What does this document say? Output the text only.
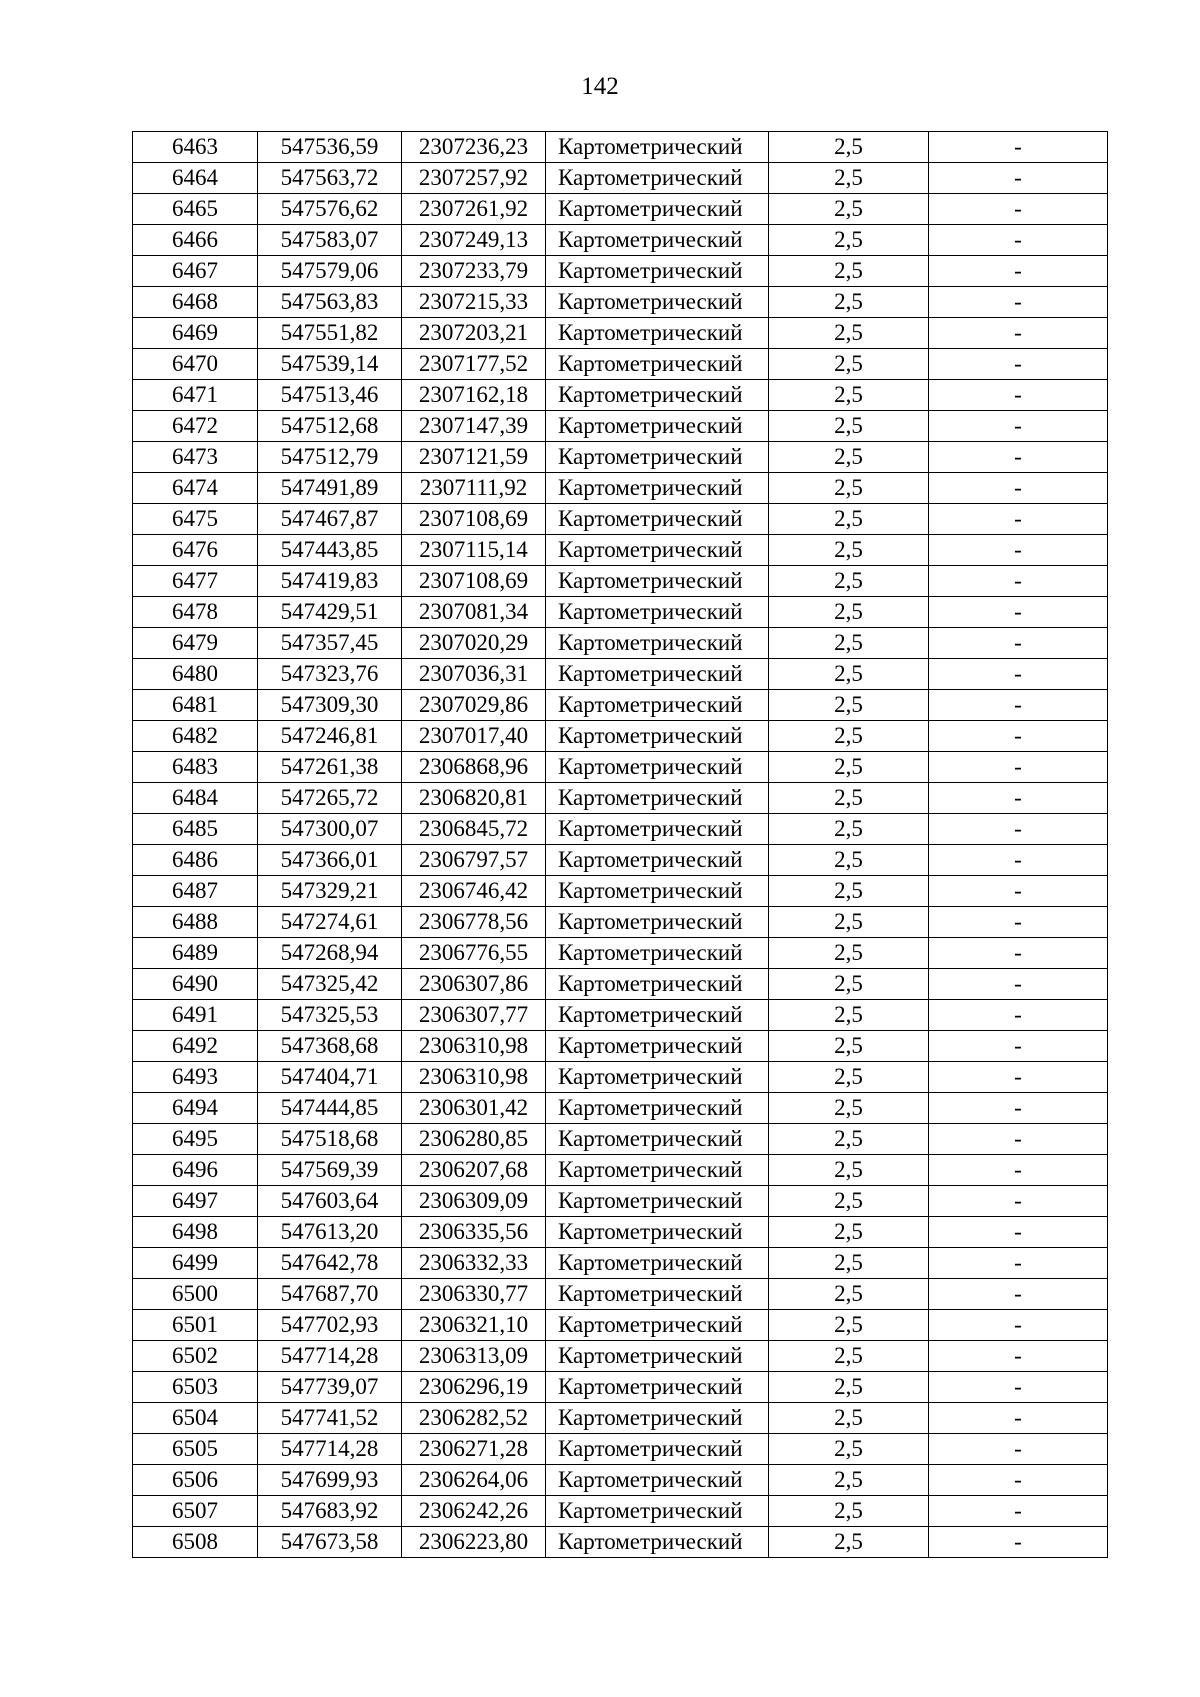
142
6463	547536,59	2307236,23	Картометрический	2,5	-
6464	547563,72	2307257,92	Картометрический	2,5	-
6465	547576,62	2307261,92	Картометрический	2,5	-
6466	547583,07	2307249,13	Картометрический	2,5	-
6467	547579,06	2307233,79	Картометрический	2,5	-
6468	547563,83	2307215,33	Картометрический	2,5	-
6469	547551,82	2307203,21	Картометрический	2,5	-
6470	547539,14	2307177,52	Картометрический	2,5	-
6471	547513,46	2307162,18	Картометрический	2,5	-
6472	547512,68	2307147,39	Картометрический	2,5	-
6473	547512,79	2307121,59	Картометрический	2,5	-
6474	547491,89	2307111,92	Картометрический	2,5	-
6475	547467,87	2307108,69	Картометрический	2,5	-
6476	547443,85	2307115,14	Картометрический	2,5	-
6477	547419,83	2307108,69	Картометрический	2,5	-
6478	547429,51	2307081,34	Картометрический	2,5	-
6479	547357,45	2307020,29	Картометрический	2,5	-
6480	547323,76	2307036,31	Картометрический	2,5	-
6481	547309,30	2307029,86	Картометрический	2,5	-
6482	547246,81	2307017,40	Картометрический	2,5	-
6483	547261,38	2306868,96	Картометрический	2,5	-
6484	547265,72	2306820,81	Картометрический	2,5	-
6485	547300,07	2306845,72	Картометрический	2,5	-
6486	547366,01	2306797,57	Картометрический	2,5	-
6487	547329,21	2306746,42	Картометрический	2,5	-
6488	547274,61	2306778,56	Картометрический	2,5	-
6489	547268,94	2306776,55	Картометрический	2,5	-
6490	547325,42	2306307,86	Картометрический	2,5	-
6491	547325,53	2306307,77	Картометрический	2,5	-
6492	547368,68	2306310,98	Картометрический	2,5	-
6493	547404,71	2306310,98	Картометрический	2,5	-
6494	547444,85	2306301,42	Картометрический	2,5	-
6495	547518,68	2306280,85	Картометрический	2,5	-
6496	547569,39	2306207,68	Картометрический	2,5	-
6497	547603,64	2306309,09	Картометрический	2,5	-
6498	547613,20	2306335,56	Картометрический	2,5	-
6499	547642,78	2306332,33	Картометрический	2,5	-
6500	547687,70	2306330,77	Картометрический	2,5	-
6501	547702,93	2306321,10	Картометрический	2,5	-
6502	547714,28	2306313,09	Картометрический	2,5	-
6503	547739,07	2306296,19	Картометрический	2,5	-
6504	547741,52	2306282,52	Картометрический	2,5	-
6505	547714,28	2306271,28	Картометрический	2,5	-
6506	547699,93	2306264,06	Картометрический	2,5	-
6507	547683,92	2306242,26	Картометрический	2,5	-
6508	547673,58	2306223,80	Картометрический	2,5	-
